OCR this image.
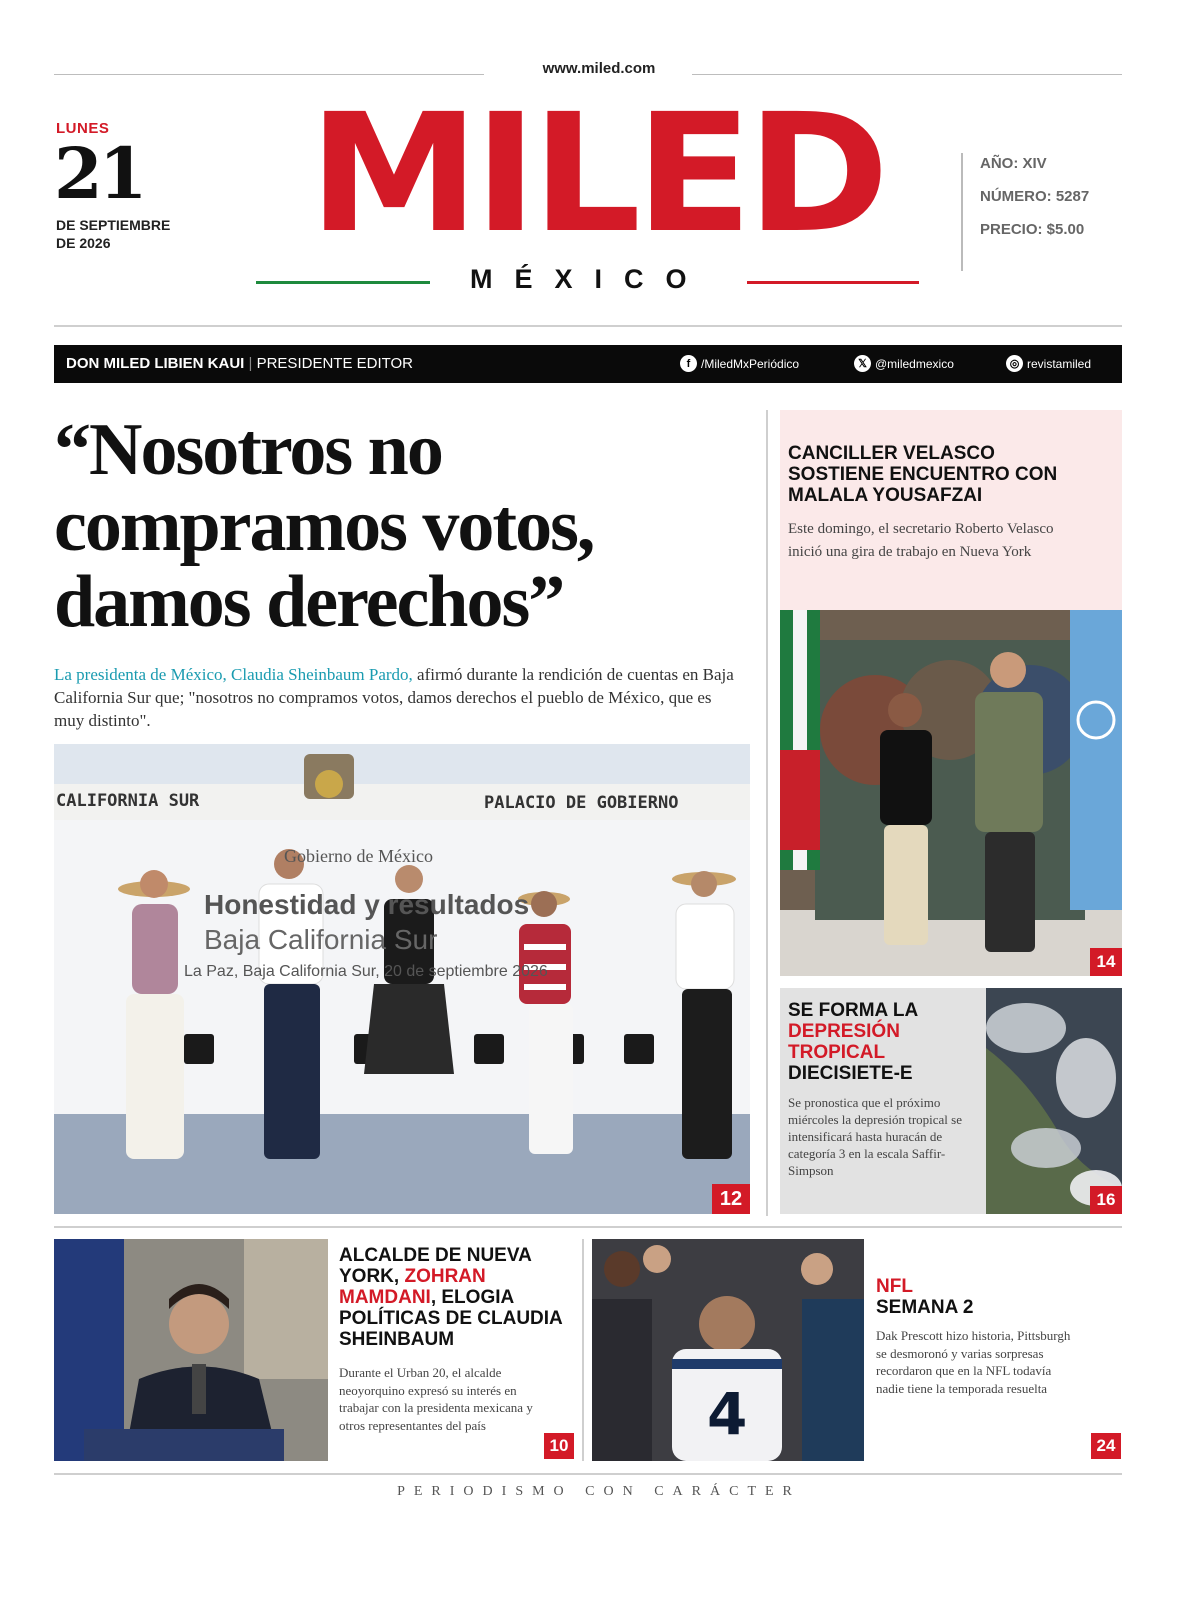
www.miled.com
LUNES
21
DE SEPTIEMBRE
DE 2026	MILED
MÉXICO
AÑO: XIV
NÚMERO: 5287
PRECIO: $5.00
DON MILED LIBIEN KAUI | PRESIDENTE EDITOR	f /MiledMxPeriódico	𝕏 @miledmexico	◎ revistamiled
“Nosotros no
compramos votos,
damos derechos”
La presidenta de México, Claudia Sheinbaum Pardo, afirmó durante la rendición de cuentas en Baja California Sur que; "nosotros no compramos votos, damos derechos el pueblo de México, que es muy distinto".
CALIFORNIA SUR	PALACIO DE GOBIERNO
Gobierno de México
Honestidad y resultados
Baja California Sur
La Paz, Baja California Sur, 20 de septiembre 2026
12
CANCILLER VELASCO SOSTIENE ENCUENTRO CON MALALA YOUSAFZAI
Este domingo, el secretario Roberto Velasco inició una gira de trabajo en Nueva York
14
SE FORMA LA
DEPRESIÓN TROPICAL
DIECISIETE-E
Se pronostica que el próximo miércoles la depresión tropical se intensificará hasta huracán de categoría 3 en la escala Saffir-Simpson
16
ALCALDE DE NUEVA YORK, ZOHRAN MAMDANI, ELOGIA POLÍTICAS DE CLAUDIA SHEINBAUM
Durante el Urban 20, el alcalde neoyorquino expresó su interés en trabajar con la presidenta mexicana y otros representantes del país
10 4
NFL
SEMANA 2
Dak Prescott hizo historia, Pittsburgh se desmoronó y varias sorpresas recordaron que en la NFL todavía nadie tiene la temporada resuelta
24
PERIODISMO CON CARÁCTER
